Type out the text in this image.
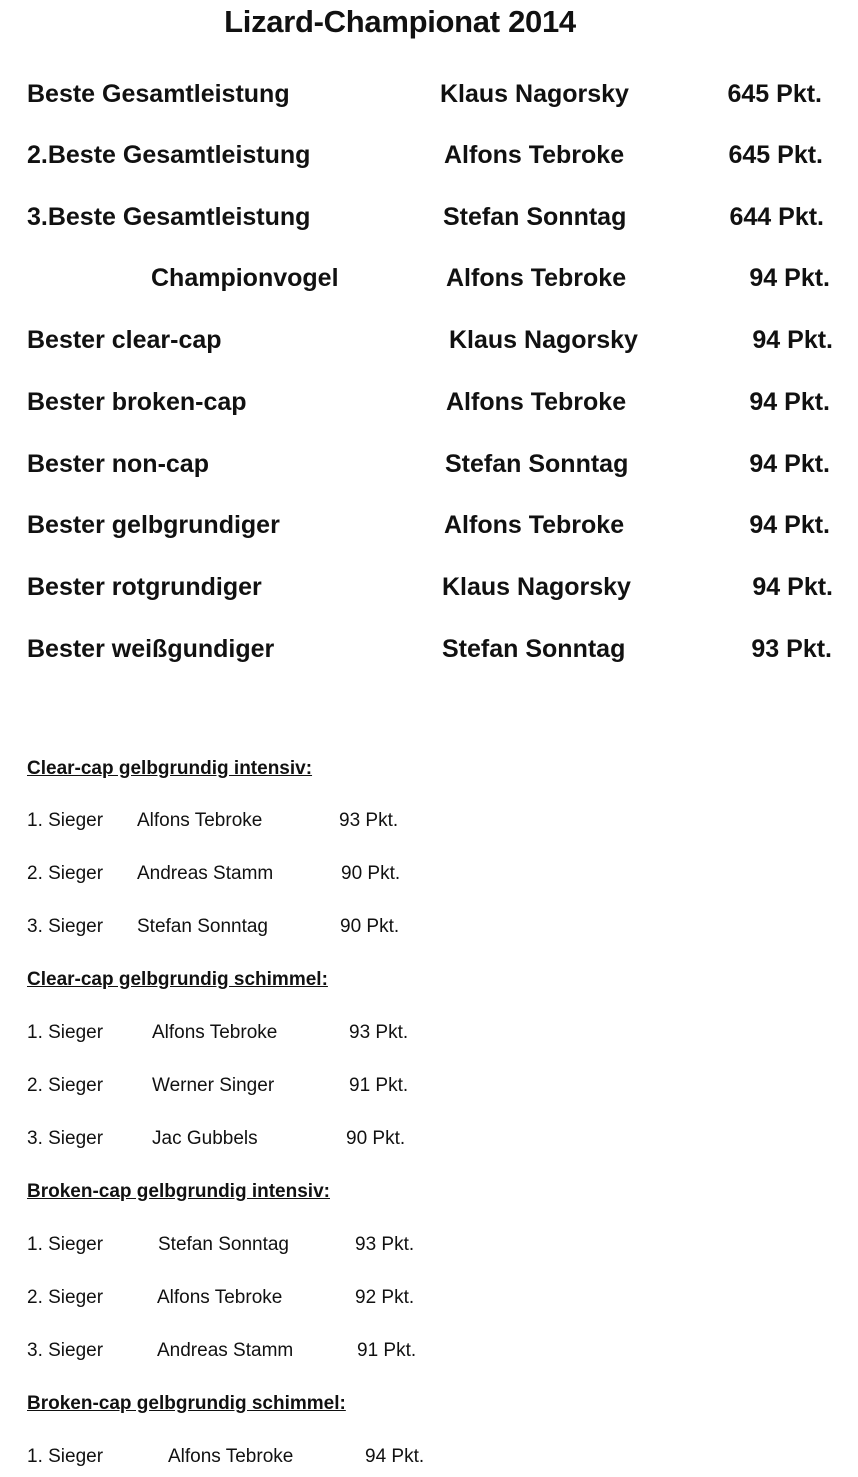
Lizard-Championat 2014
Beste Gesamtleistung	Klaus Nagorsky	645 Pkt.
2.Beste Gesamtleistung	Alfons Tebroke	645 Pkt.
3.Beste Gesamtleistung	Stefan Sonntag	644 Pkt.
Championvogel	Alfons Tebroke	94 Pkt.
Bester clear-cap	Klaus Nagorsky	94 Pkt.
Bester broken-cap	Alfons Tebroke	94 Pkt.
Bester non-cap	Stefan Sonntag	94 Pkt.
Bester gelbgrundiger	Alfons Tebroke	94 Pkt.
Bester rotgrundiger	Klaus Nagorsky	94 Pkt.
Bester weißgundiger	Stefan Sonntag	93 Pkt.
Clear-cap gelbgrundig intensiv:
1. Sieger Alfons Tebroke	93 Pkt.
2. Sieger Andreas Stamm	90 Pkt.
3. Sieger Stefan Sonntag	90 Pkt.
Clear-cap gelbgrundig schimmel:
1. Sieger	Alfons Tebroke	93 Pkt.
2. Sieger	Werner Singer	91 Pkt.
3. Sieger	Jac Gubbels	90 Pkt.
Broken-cap gelbgrundig intensiv:
1. Sieger	Stefan Sonntag	93 Pkt.
2. Sieger	Alfons Tebroke	92 Pkt.
3. Sieger	Andreas Stamm	91 Pkt.
Broken-cap gelbgrundig schimmel:
1. Sieger	Alfons Tebroke	94 Pkt.
